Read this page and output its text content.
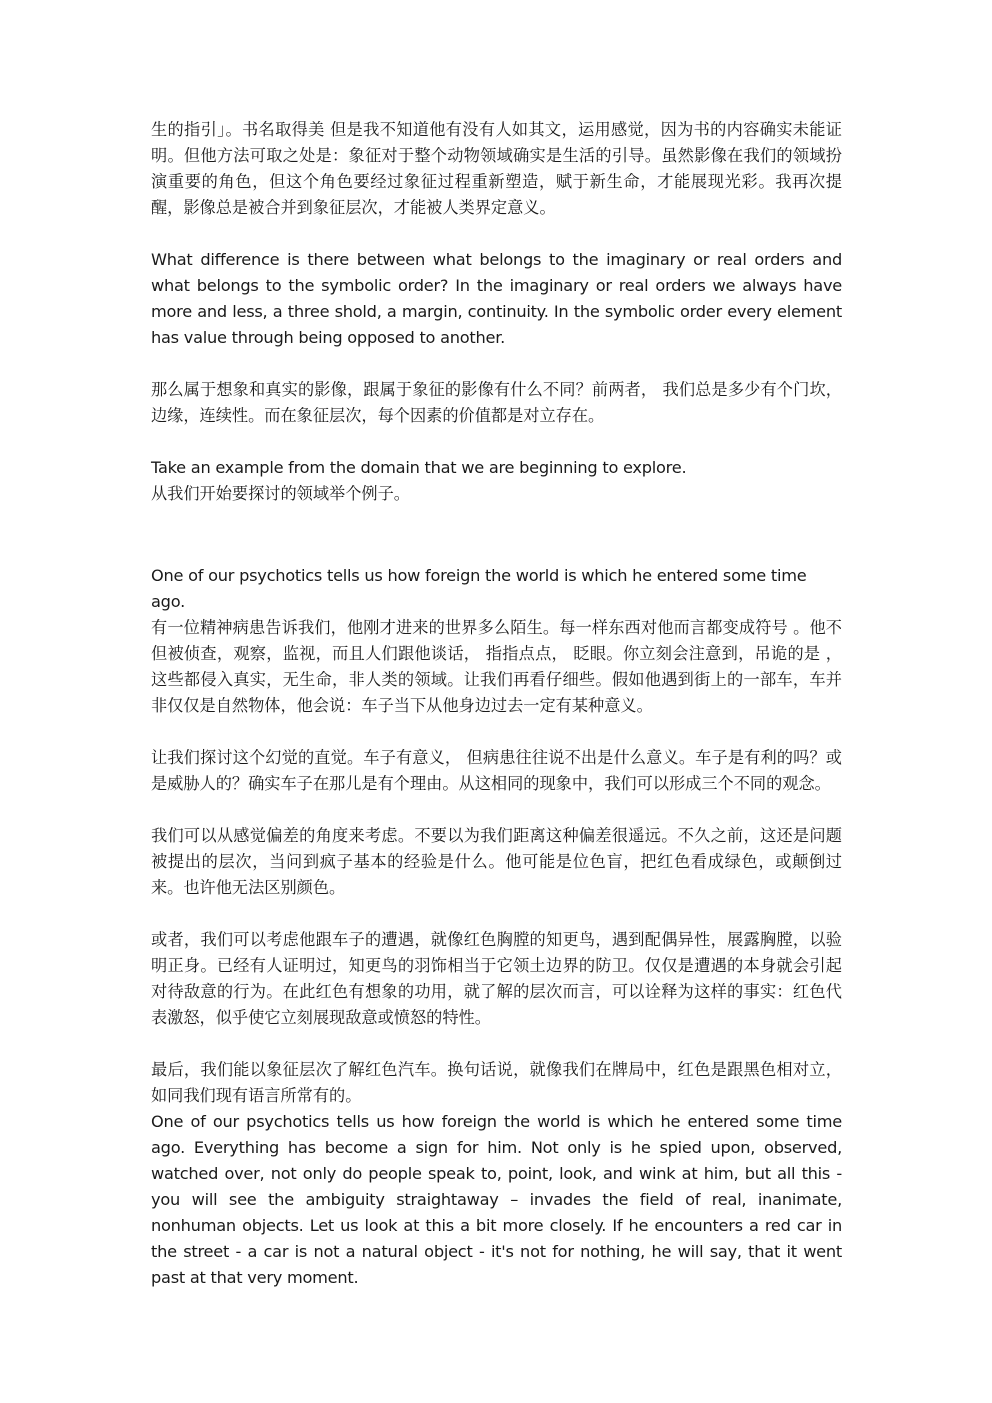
生的指引」。书名取得美 但是我不知道他有没有人如其文，运用感觉，因为书的内容确实未能证明。但他方法可取之处是：象征对于整个动物领域确实是生活的引导。虽然影像在我们的领域扮演重要的角色，但这个角色要经过象征过程重新塑造，赋于新生命，才能展现光彩。我再次提醒，影像总是被合并到象征层次，才能被人类界定意义。

What difference is there between what belongs to the imaginary or real orders and what belongs to the symbolic order? In the imaginary or real orders we always have more and less, a three shold, a margin, continuity. In the symbolic order every element has value through being opposed to another.

那么属于想象和真实的影像，跟属于象征的影像有什么不同？前两者， 我们总是多少有个门坎，边缘，连续性。而在象征层次，每个因素的价值都是对立存在。

Take an example from the domain that we are beginning to explore.

从我们开始要探讨的领域举个例子。

One of our psychotics tells us how foreign the world is which he entered some time ago.

有一位精神病患告诉我们，他刚才进来的世界多么陌生。每一样东西对他而言都变成符号 。他不但被侦查，观察，监视，而且人们跟他谈话， 指指点点， 眨眼。你立刻会注意到，吊诡的是 ，这些都侵入真实，无生命，非人类的领域。让我们再看仔细些。假如他遇到街上的一部车，车并非仅仅是自然物体，他会说：车子当下从他身边过去一定有某种意义。

让我们探讨这个幻觉的直觉。车子有意义， 但病患往往说不出是什么意义。车子是有利的吗？或是威胁人的？确实车子在那儿是有个理由。从这相同的现象中，我们可以形成三个不同的观念。

我们可以从感觉偏差的角度来考虑。不要以为我们距离这种偏差很遥远。不久之前，这还是问题被提出的层次，当问到疯子基本的经验是什么。他可能是位色盲，把红色看成绿色，或颠倒过来。也许他无法区别颜色。

或者，我们可以考虑他跟车子的遭遇，就像红色胸膛的知更鸟，遇到配偶异性，展露胸膛，以验明正身。已经有人证明过，知更鸟的羽饰相当于它领土边界的防卫。仅仅是遭遇的本身就会引起对待敌意的行为。在此红色有想象的功用，就了解的层次而言，可以诠释为这样的事实：红色代表激怒，似乎使它立刻展现敌意或愤怒的特性。

最后，我们能以象征层次了解红色汽车。换句话说，就像我们在牌局中，红色是跟黑色相对立，如同我们现有语言所常有的。

One of our psychotics tells us how foreign the world is which he entered some time ago. Everything has become a sign for him. Not only is he spied upon, observed, watched over, not only do people speak to, point, look, and wink at him, but all this - you will see the ambiguity straightaway – invades the field of real, inanimate, nonhuman objects. Let us look at this a bit more closely. If he encounters a red car in the street - a car is not a natural object - it's not for nothing, he will say, that it went past at that very moment.
